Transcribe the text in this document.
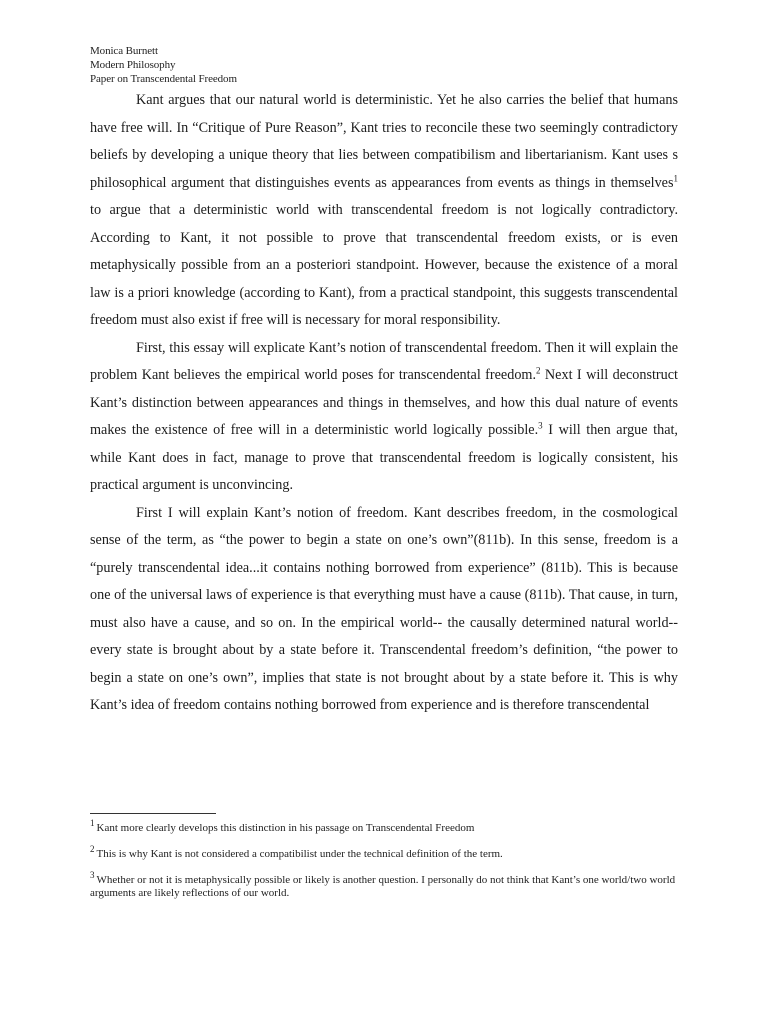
Monica Burnett
Modern Philosophy
Paper on Transcendental Freedom

Kant argues that our natural world is deterministic. Yet he also carries the belief that humans have free will. In “Critique of Pure Reason”, Kant tries to reconcile these two seemingly contradictory beliefs by developing a unique theory that lies between compatibilism and libertarianism. Kant uses s philosophical argument that distinguishes events as appearances from events as things in themselves$^1$ to argue that a deterministic world with transcendental freedom is not logically contradictory. According to Kant, it not possible to prove that transcendental freedom exists, or is even metaphysically possible from an a posteriori standpoint. However, because the existence of a moral law is a priori knowledge (according to Kant), from a practical standpoint, this suggests transcendental freedom must also exist if free will is necessary for moral responsibility.

First, this essay will explicate Kant’s notion of transcendental freedom. Then it will explain the problem Kant believes the empirical world poses for transcendental freedom.$^2$ Next I will deconstruct Kant’s distinction between appearances and things in themselves, and how this dual nature of events makes the existence of free will in a deterministic world logically possible.$^3$ I will then argue that, while Kant does in fact, manage to prove that transcendental freedom is logically consistent, his practical argument is unconvincing.

First I will explain Kant’s notion of freedom. Kant describes freedom, in the cosmological sense of the term, as “the power to begin a state on one’s own”(811b). In this sense, freedom is a “purely transcendental idea...it contains nothing borrowed from experience” (811b). This is because one of the universal laws of experience is that everything must have a cause (811b). That cause, in turn, must also have a cause, and so on. In the empirical world-- the causally determined natural world-- every state is brought about by a state before it. Transcendental freedom’s definition, “the power to begin a state on one’s own”, implies that state is not brought about by a state before it. This is why Kant’s idea of freedom contains nothing borrowed from experience and is therefore transcendental

$^1$ Kant more clearly develops this distinction in his passage on Transcendental Freedom
$^2$ This is why Kant is not considered a compatibilist under the technical definition of the term.
$^3$ Whether or not it is metaphysically possible or likely is another question. I personally do not think that Kant’s one world/two world arguments are likely reflections of our world.
